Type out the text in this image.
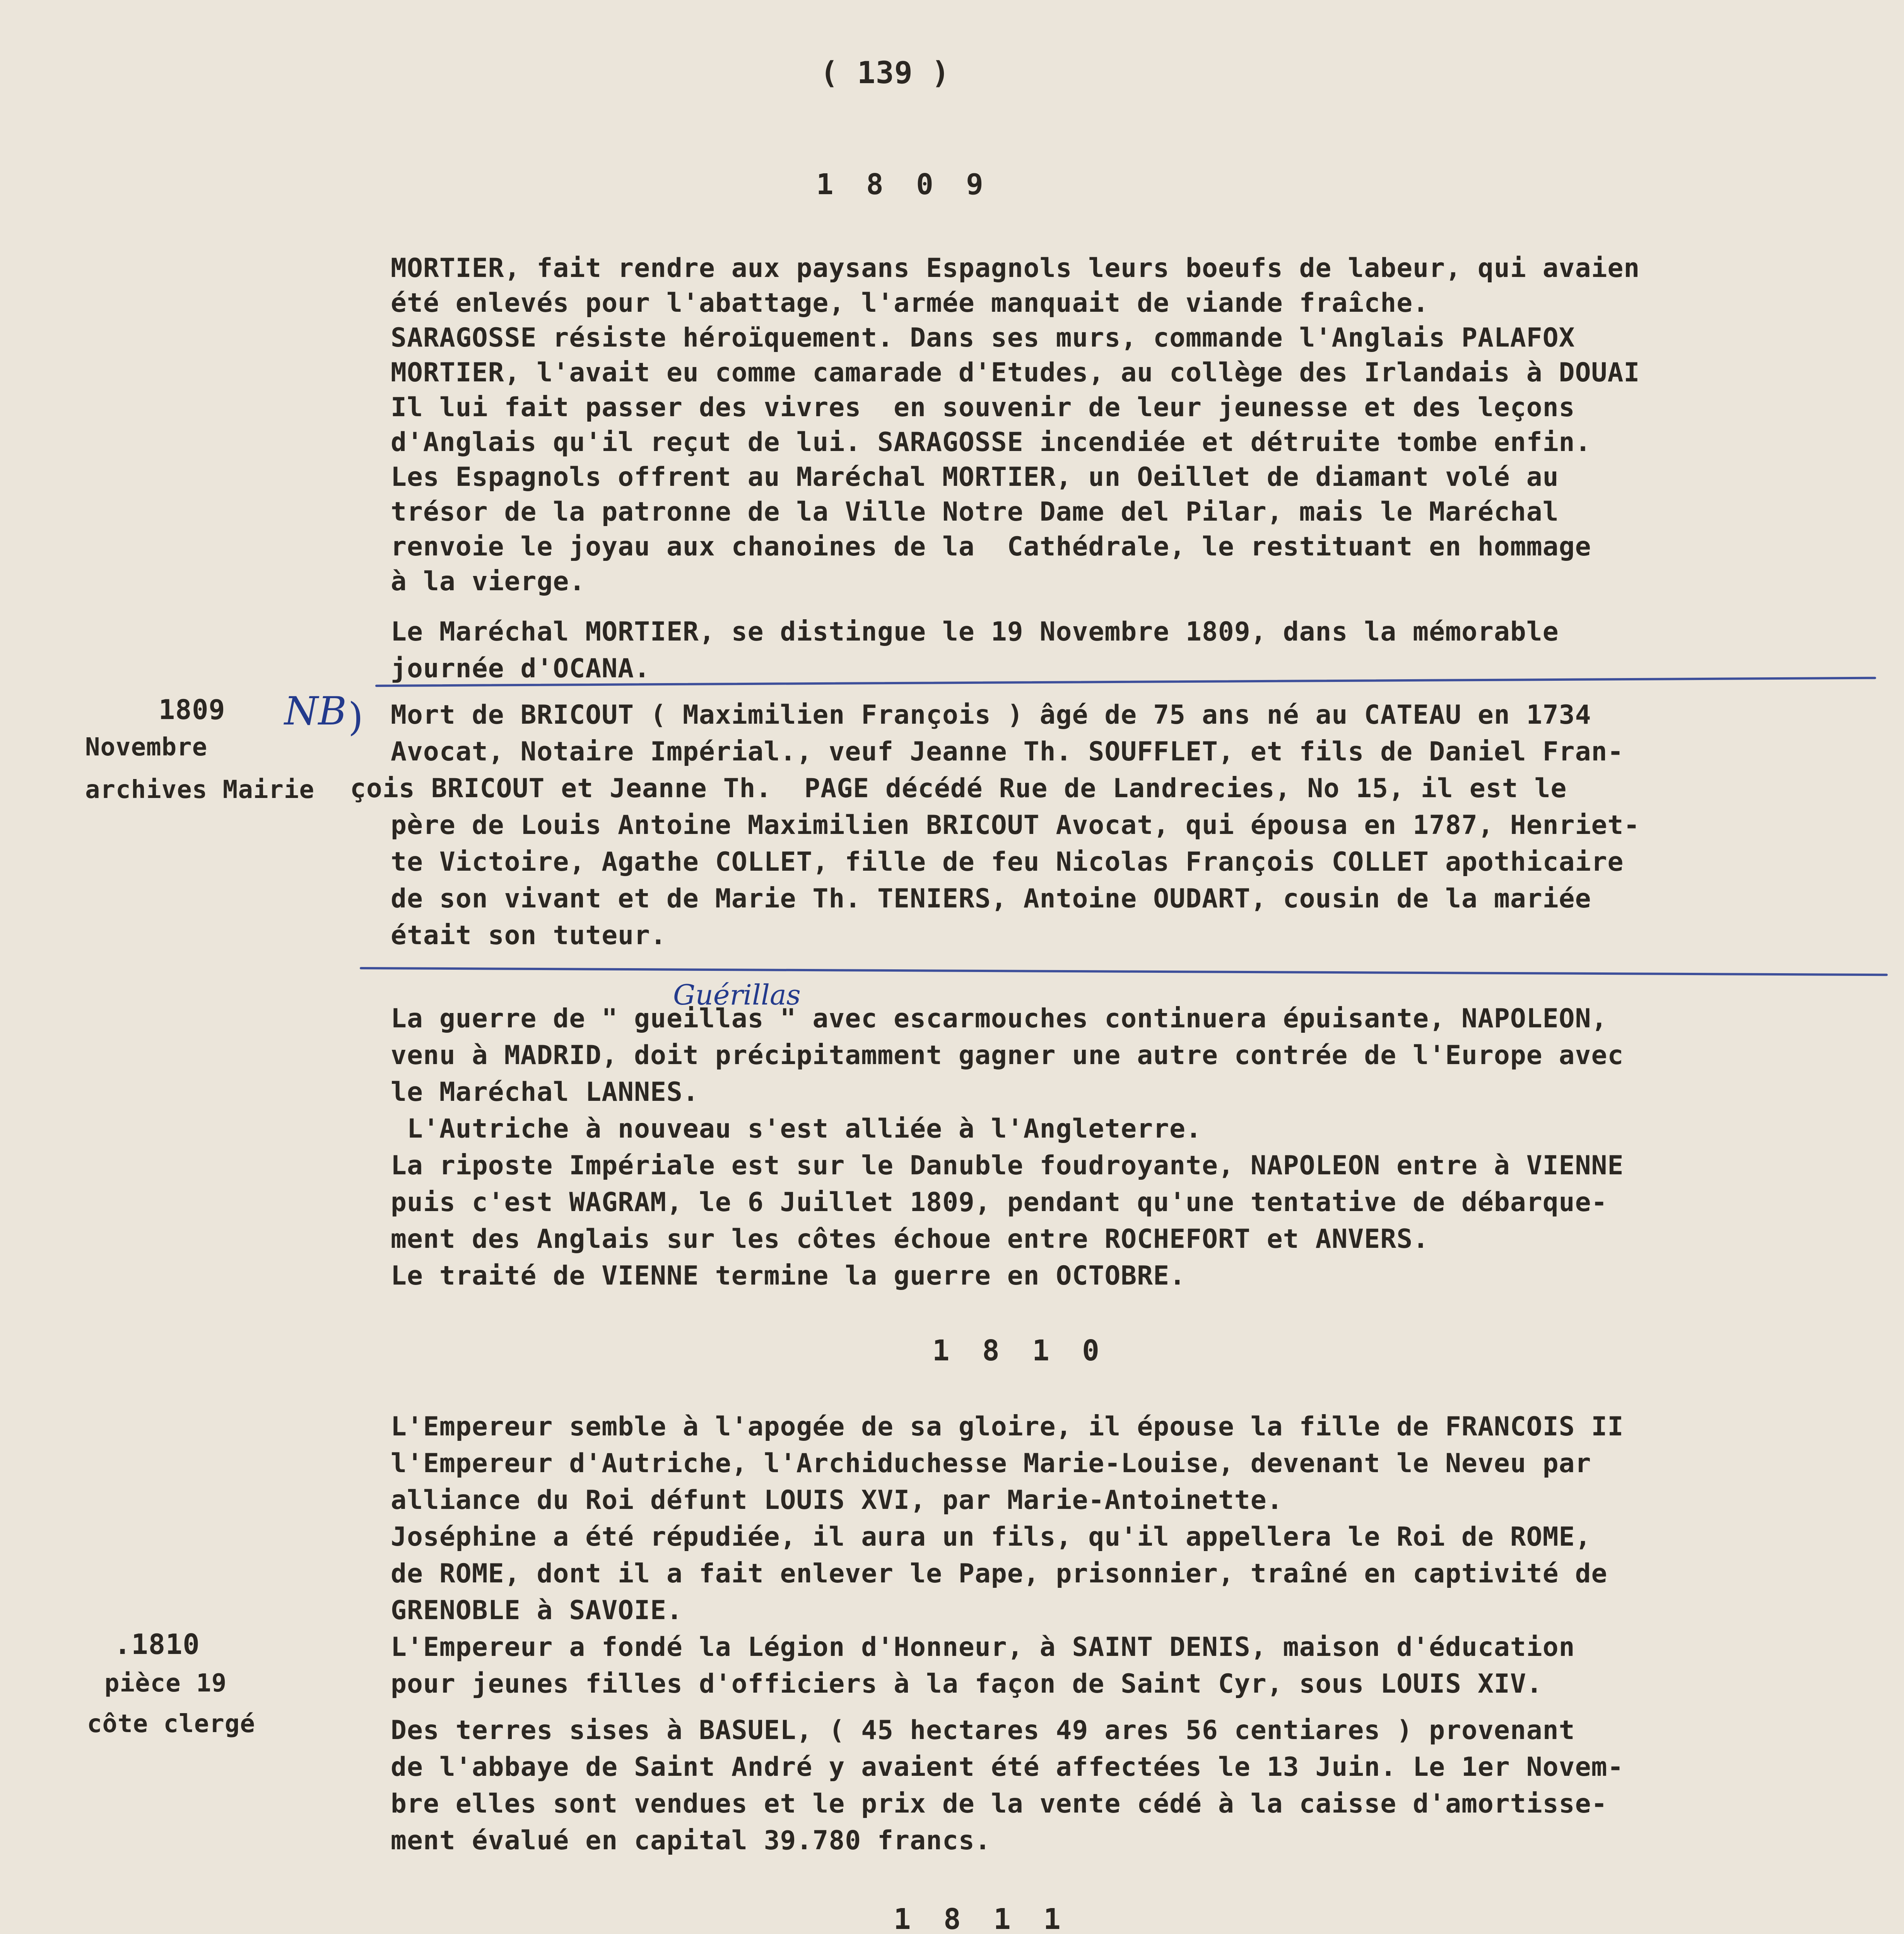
( 139 )
1 8 0 9
MORTIER, fait rendre aux paysans Espagnols leurs boeufs de labeur, qui avaien
été enlevés pour l'abattage, l'armée manquait de viande fraîche.
SARAGOSSE résiste héroïquement. Dans ses murs, commande l'Anglais PALAFOX
MORTIER, l'avait eu comme camarade d'Etudes, au collège des Irlandais à DOUAI
Il lui fait passer des vivres  en souvenir de leur jeunesse et des leçons
d'Anglais qu'il reçut de lui. SARAGOSSE incendiée et détruite tombe enfin.
Les Espagnols offrent au Maréchal MORTIER, un Oeillet de diamant volé au
trésor de la patronne de la Ville Notre Dame del Pilar, mais le Maréchal
renvoie le joyau aux chanoines de la  Cathédrale, le restituant en hommage
à la vierge.
Le Maréchal MORTIER, se distingue le 19 Novembre 1809, dans la mémorable
journée d'OCANA.
1809
Novembre
archives Mairie
NB ) Mort de BRICOUT ( Maximilien François ) âgé de 75 ans né au CATEAU en 1734
Avocat, Notaire Impérial., veuf Jeanne Th. SOUFFLET, et fils de Daniel Fran-
çois BRICOUT et Jeanne Th.  PAGE décédé Rue de Landrecies, No 15, il est le
père de Louis Antoine Maximilien BRICOUT Avocat, qui épousa en 1787, Henriet-
te Victoire, Agathe COLLET, fille de feu Nicolas François COLLET apothicaire
de son vivant et de Marie Th. TENIERS, Antoine OUDART, cousin de la mariée
était son tuteur.
Guérillas
La guerre de " gueillas " avec escarmouches continuera épuisante, NAPOLEON,
venu à MADRID, doit précipitamment gagner une autre contrée de l'Europe avec
le Maréchal LANNES.
L'Autriche à nouveau s'est alliée à l'Angleterre.
La riposte Impériale est sur le Danuble foudroyante, NAPOLEON entre à VIENNE
puis c'est WAGRAM, le 6 Juillet 1809, pendant qu'une tentative de débarque-
ment des Anglais sur les côtes échoue entre ROCHEFORT et ANVERS.
Le traité de VIENNE termine la guerre en OCTOBRE.
1 8 1 0
L'Empereur semble à l'apogée de sa gloire, il épouse la fille de FRANCOIS II
l'Empereur d'Autriche, l'Archiduchesse Marie-Louise, devenant le Neveu par
alliance du Roi défunt LOUIS XVI, par Marie-Antoinette.
Joséphine a été répudiée, il aura un fils, qu'il appellera le Roi de ROME,
de ROME, dont il a fait enlever le Pape, prisonnier, traîné en captivité de
GRENOBLE à SAVOIE.
L'Empereur a fondé la Légion d'Honneur, à SAINT DENIS, maison d'éducation
pour jeunes filles d'officiers à la façon de Saint Cyr, sous LOUIS XIV.
Des terres sises à BASUEL, ( 45 hectares 49 ares 56 centiares ) provenant
de l'abbaye de Saint André y avaient été affectées le 13 Juin. Le 1er Novem-
bre elles sont vendues et le prix de la vente cédé à la caisse d'amortisse-
ment évalué en capital 39.780 francs.
.1810
pièce 19
côte clergé
1 8 1 1
